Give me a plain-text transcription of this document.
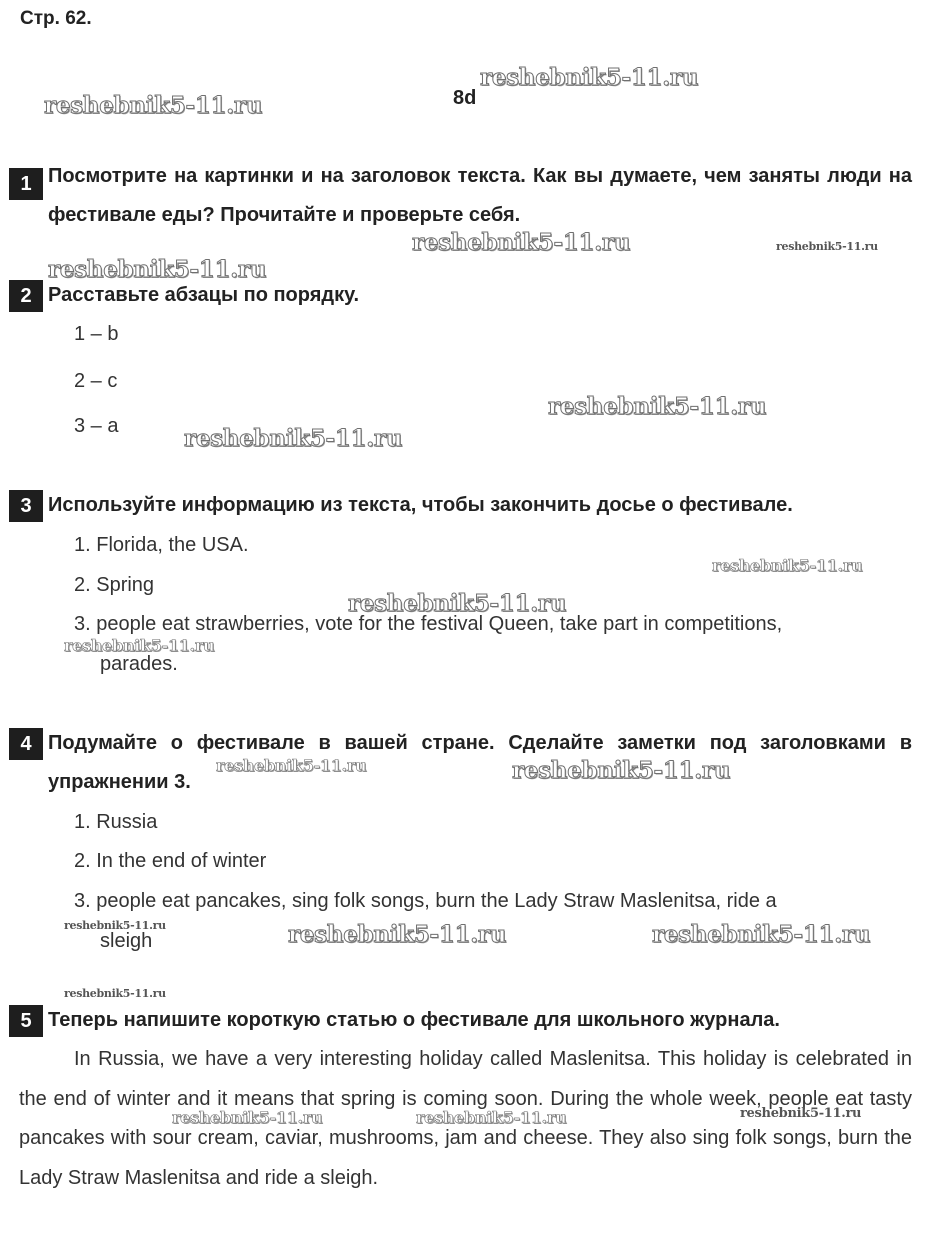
Стр. 62.
8d
1 Посмотрите на картинки и на заголовок текста. Как вы думаете, чем заняты люди на фестивале еды? Прочитайте и проверьте себя.
2 Расставьте абзацы по порядку.
1 – b
2 – c
3 – a
3 Используйте информацию из текста, чтобы закончить досье о фестивале.
1. Florida, the USA.
2. Spring
3. people eat strawberries, vote for the festival Queen, take part in competitions,
parades.
4 Подумайте о фестивале в вашей стране. Сделайте заметки под заголовками в упражнении 3.
1. Russia
2. In the end of winter
3. people eat pancakes, sing folk songs, burn the Lady Straw Maslenitsa, ride a
sleigh
5 Теперь напишите короткую статью о фестивале для школьного журнала.
In Russia, we have a very interesting holiday called Maslenitsa. This holiday is celebrated in the end of winter and it means that spring is coming soon. During the whole week, people eat tasty pancakes with sour cream, caviar, mushrooms, jam and cheese. They also sing folk songs, burn the Lady Straw Maslenitsa and ride a sleigh.
reshebnik5-11.ru
reshebnik5-11.ru
reshebnik5-11.ru	reshebnik5-11.ru
reshebnik5-11.ru
reshebnik5-11.ru
reshebnik5-11.ru
reshebnik5-11.ru
reshebnik5-11.ru
reshebnik5-11.ru
reshebnik5-11.ru	reshebnik5-11.ru
reshebnik5-11.ru	reshebnik5-11.ru	reshebnik5-11.ru
reshebnik5-11.ru
reshebnik5-11.ru	reshebnik5-11.ru	reshebnik5-11.ru
